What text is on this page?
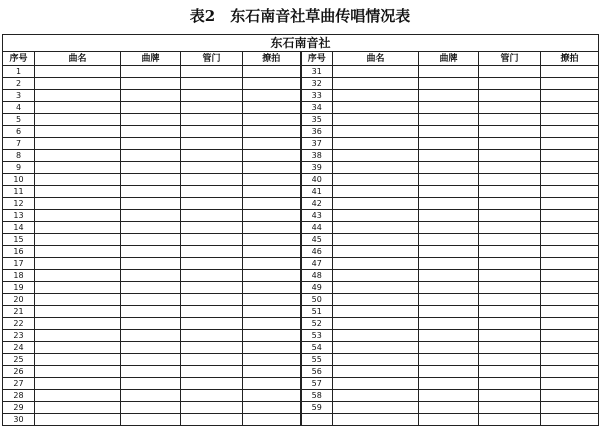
表2　东石南音社草曲传唱情况表
东石南音社									
序号	曲名	曲牌	管门	撩拍	序号	曲名	曲牌	管门	撩拍
1					31				
2					32				
3					33				
4					34				
5					35				
6					36				
7					37				
8					38				
9					39				
10					40				
11					41				
12					42				
13					43				
14					44				
15					45				
16					46				
17					47				
18					48				
19					49				
20					50				
21					51				
22					52				
23					53				
24					54				
25					55				
26					56				
27					57				
28					58				
29					59				
30									
